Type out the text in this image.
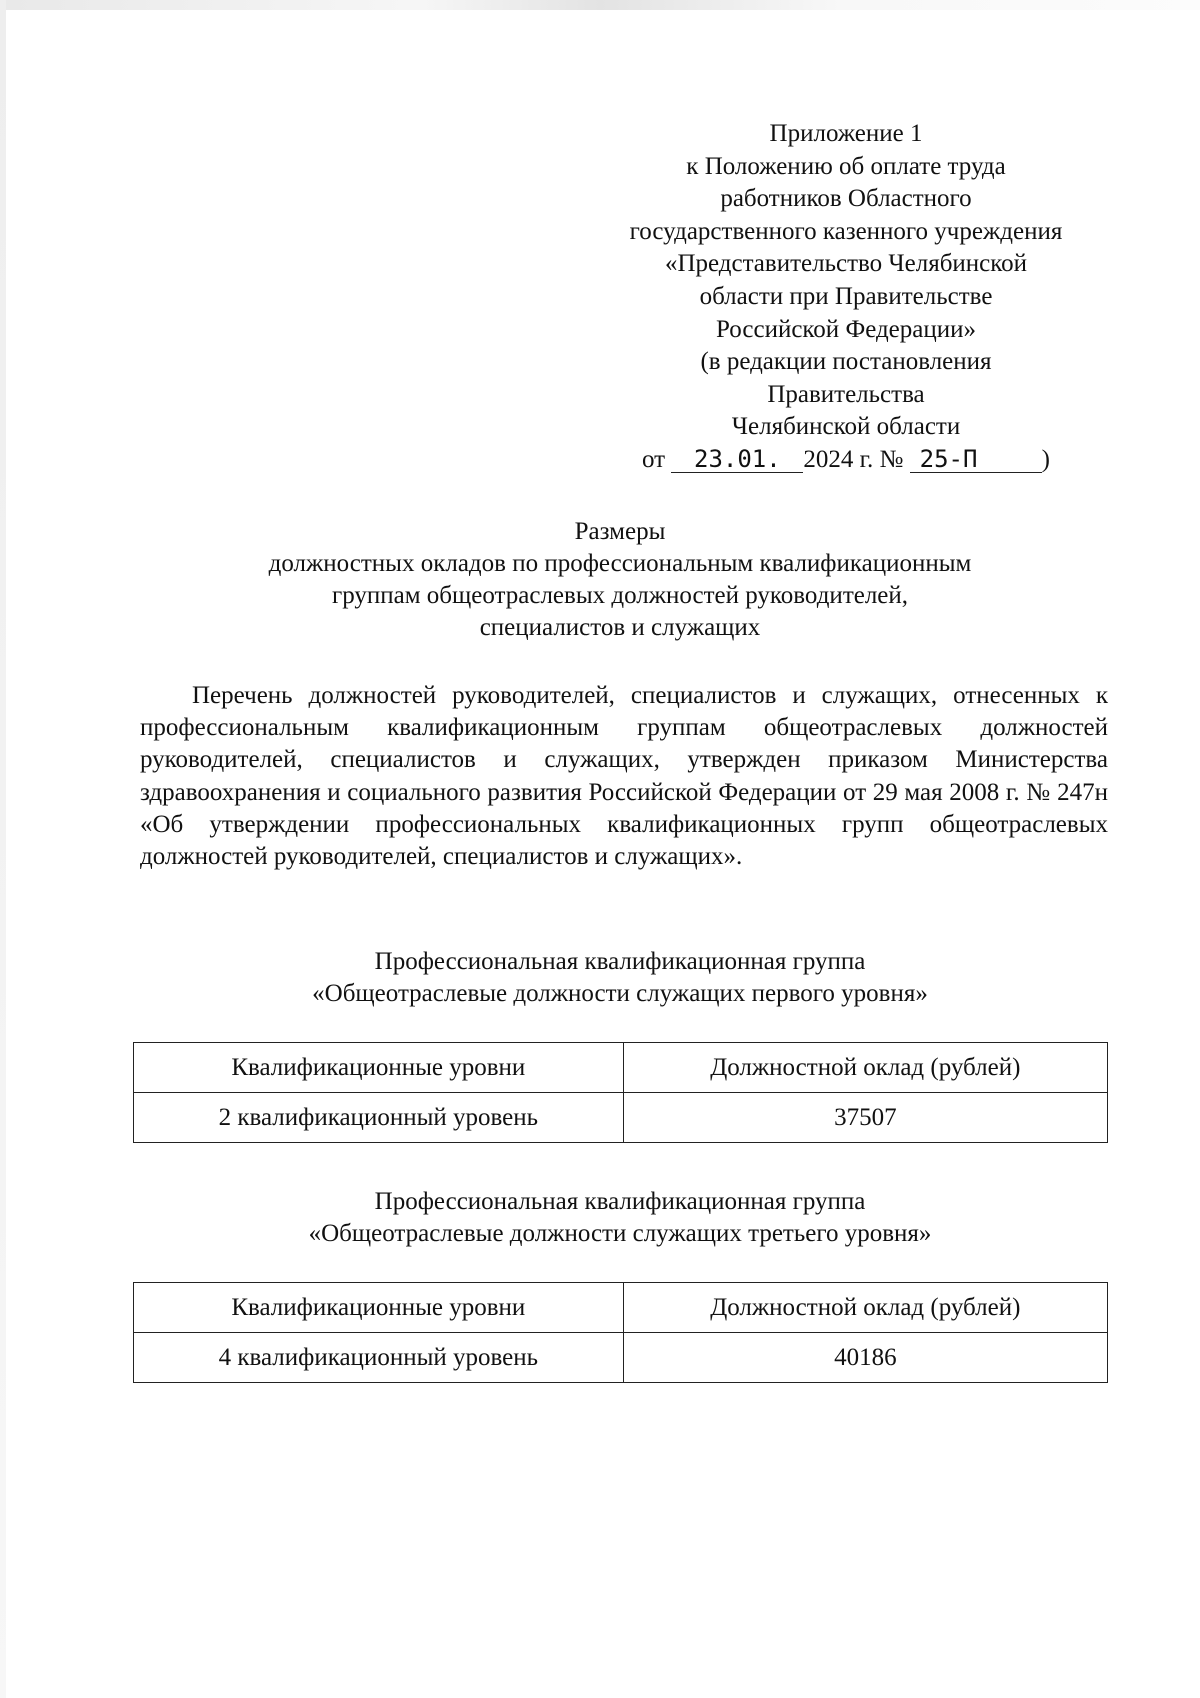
Приложение 1
к Положению об оплате труда
работников Областного
государственного казенного учреждения
«Представительство Челябинской
области при Правительстве
Российской Федерации»
(в редакции постановления
Правительства
Челябинской области
от 23.01. 2024 г. № 25-П	)
Размеры
должностных окладов по профессиональным квалификационным
группам общеотраслевых должностей руководителей,
специалистов и служащих
Перечень должностей руководителей, специалистов и служащих, отнесенных к профессиональным квалификационным группам общеотраслевых должностей руководителей, специалистов и служащих, утвержден приказом Министерства здравоохранения и социального развития Российской Федерации от 29 мая 2008 г. № 247н «Об утверждении профессиональных квалификационных групп общеотраслевых должностей руководителей, специалистов и служащих».
Профессиональная квалификационная группа
«Общеотраслевые должности служащих первого уровня»
Квалификационные уровни	Должностной оклад (рублей)
2 квалификационный уровень	37507
Профессиональная квалификационная группа
«Общеотраслевые должности служащих третьего уровня»
Квалификационные уровни	Должностной оклад (рублей)
4 квалификационный уровень	40186
